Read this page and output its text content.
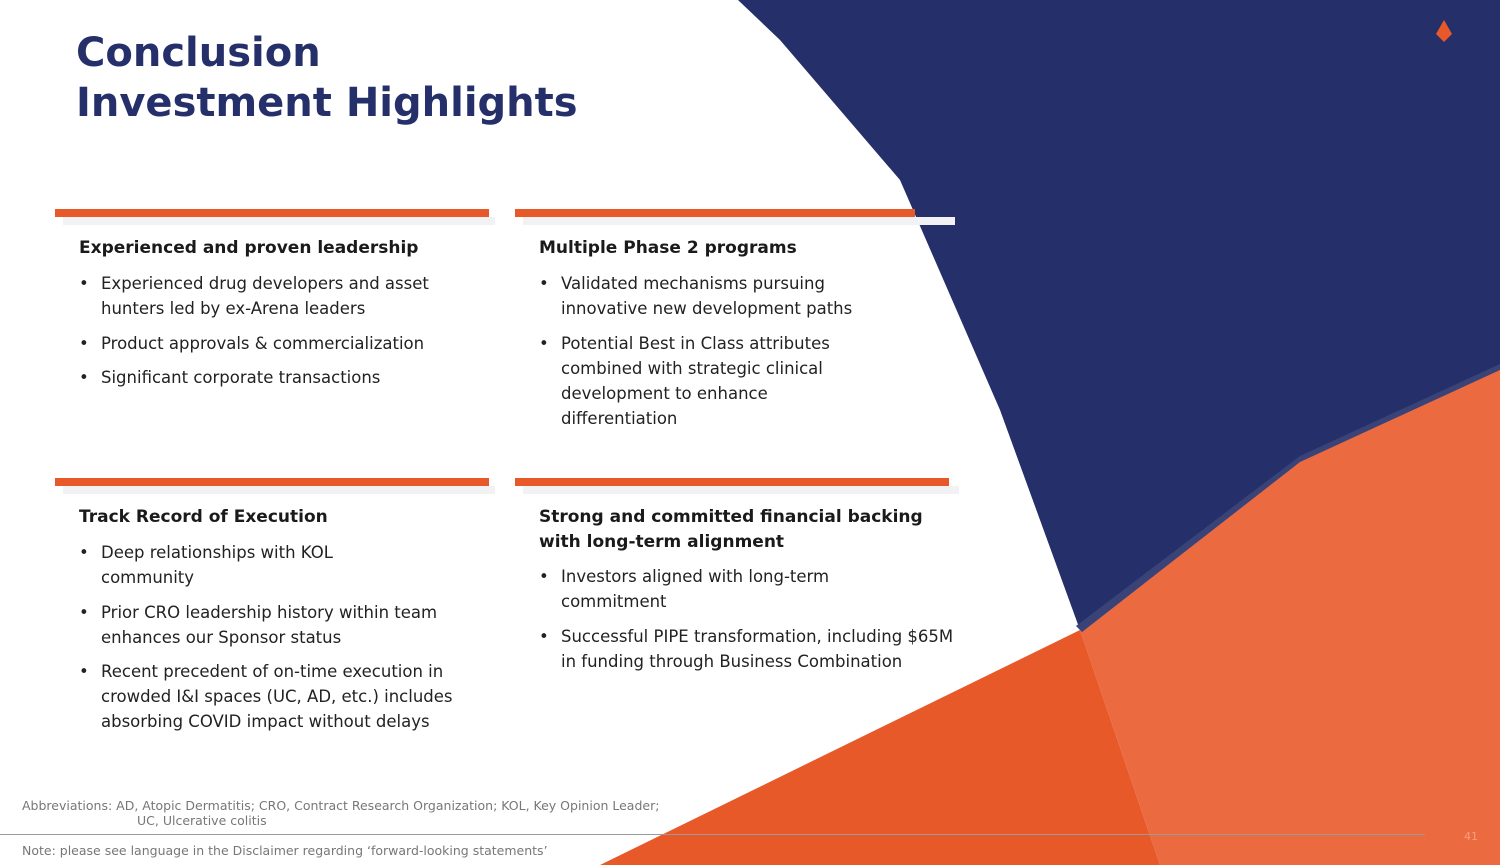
Conclusion
Investment Highlights
Experienced and proven leadership
• Experienced drug developers and asset hunters led by ex-Arena leaders
• Product approvals & commercialization
• Significant corporate transactions
Multiple Phase 2 programs
• Validated mechanisms pursuing innovative new development paths
• Potential Best in Class attributes combined with strategic clinical development to enhance differentiation
Track Record of Execution
• Deep relationships with KOL community
• Prior CRO leadership history within team enhances our Sponsor status
• Recent precedent of on-time execution in crowded I&I spaces (UC, AD, etc.) includes absorbing COVID impact without delays
Strong and committed financial backing with long-term alignment
• Investors aligned with long-term commitment
• Successful PIPE transformation, including $65M in funding through Business Combination
Abbreviations: AD, Atopic Dermatitis; CRO, Contract Research Organization; KOL, Key Opinion Leader;
UC, Ulcerative colitis
Note: please see language in the Disclaimer regarding ‘forward-looking statements’
41
